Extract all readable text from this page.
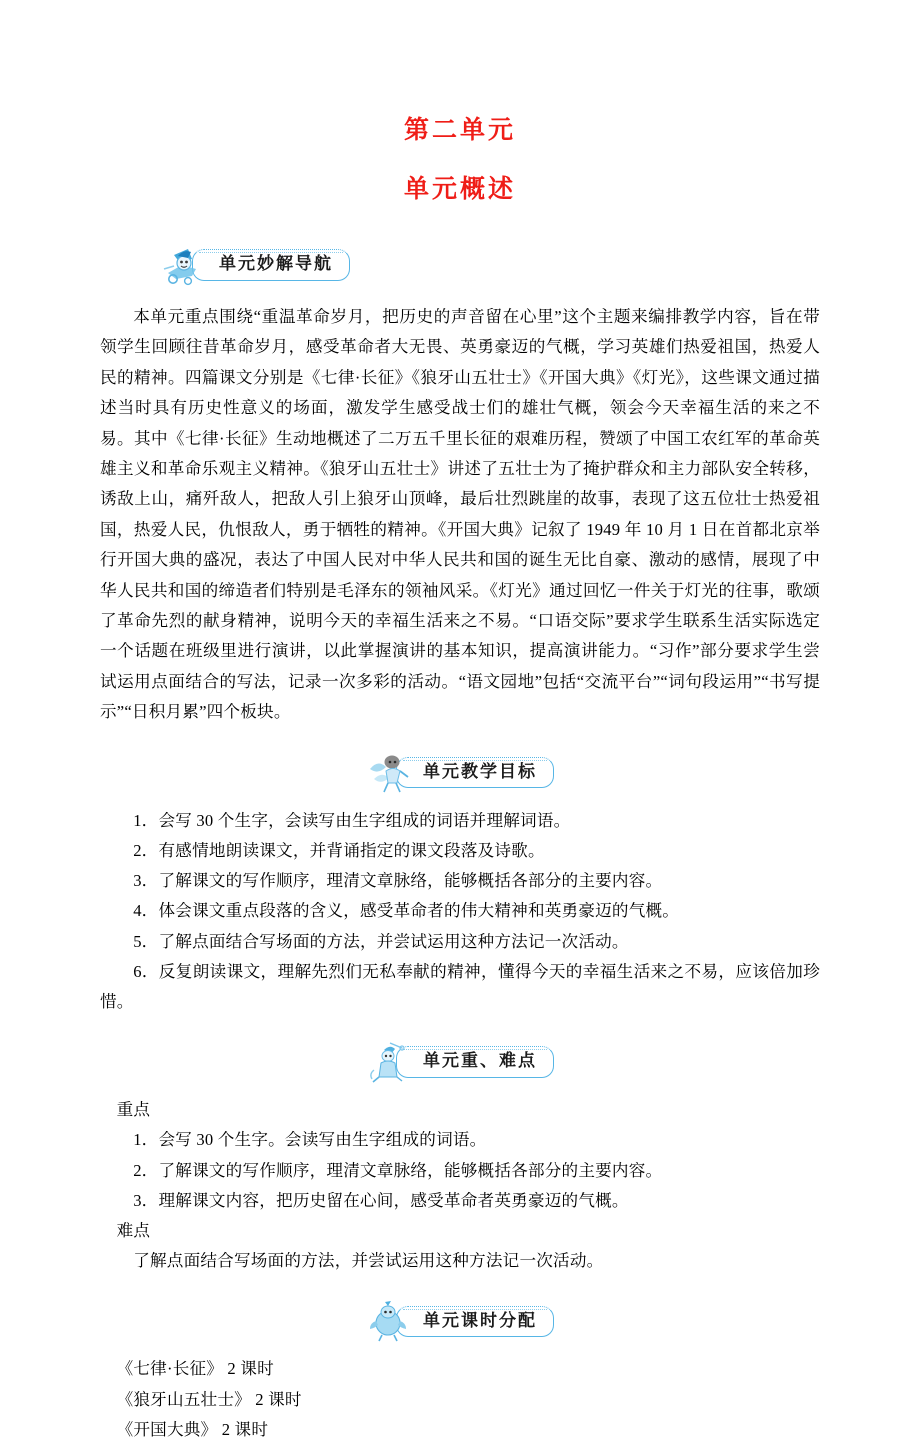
第二单元
单元概述
单元妙解导航

本单元重点围绕“重温革命岁月，把历史的声音留在心里”这个主题来编排教学内容，旨在带领学生回顾往昔革命岁月，感受革命者大无畏、英勇豪迈的气概，学习英雄们热爱祖国，热爱人民的精神。四篇课文分别是《七律·长征》《狼牙山五壮士》《开国大典》《灯光》，这些课文通过描述当时具有历史性意义的场面，激发学生感受战士们的雄壮气概，领会今天幸福生活的来之不易。其中《七律·长征》生动地概述了二万五千里长征的艰难历程，赞颂了中国工农红军的革命英雄主义和革命乐观主义精神。《狼牙山五壮士》讲述了五壮士为了掩护群众和主力部队安全转移，诱敌上山，痛歼敌人，把敌人引上狼牙山顶峰，最后壮烈跳崖的故事，表现了这五位壮士热爱祖国，热爱人民，仇恨敌人，勇于牺牲的精神。《开国大典》记叙了 1949 年 10 月 1 日在首都北京举行开国大典的盛况，表达了中国人民对中华人民共和国的诞生无比自豪、激动的感情，展现了中华人民共和国的缔造者们特别是毛泽东的领袖风采。《灯光》通过回忆一件关于灯光的往事，歌颂了革命先烈的献身精神，说明今天的幸福生活来之不易。“口语交际”要求学生联系生活实际选定一个话题在班级里进行演讲，以此掌握演讲的基本知识，提高演讲能力。“习作”部分要求学生尝试运用点面结合的写法，记录一次多彩的活动。“语文园地”包括“交流平台”“词句段运用”“书写提示”“日积月累”四个板块。

单元教学目标

1．会写 30 个生字，会读写由生字组成的词语并理解词语。

2．有感情地朗读课文，并背诵指定的课文段落及诗歌。

3．了解课文的写作顺序，理清文章脉络，能够概括各部分的主要内容。

4．体会课文重点段落的含义，感受革命者的伟大精神和英勇豪迈的气概。

5．了解点面结合写场面的方法，并尝试运用这种方法记一次活动。

6．反复朗读课文，理解先烈们无私奉献的精神，懂得今天的幸福生活来之不易，应该倍加珍惜。

单元重、难点

重点

1．会写 30 个生字。会读写由生字组成的词语。

2．了解课文的写作顺序，理清文章脉络，能够概括各部分的主要内容。

3．理解课文内容，把历史留在心间，感受革命者英勇豪迈的气概。

难点

了解点面结合写场面的方法，并尝试运用这种方法记一次活动。

单元课时分配

《七律·长征》 2 课时

《狼牙山五壮士》 2 课时

《开国大典》 2 课时
